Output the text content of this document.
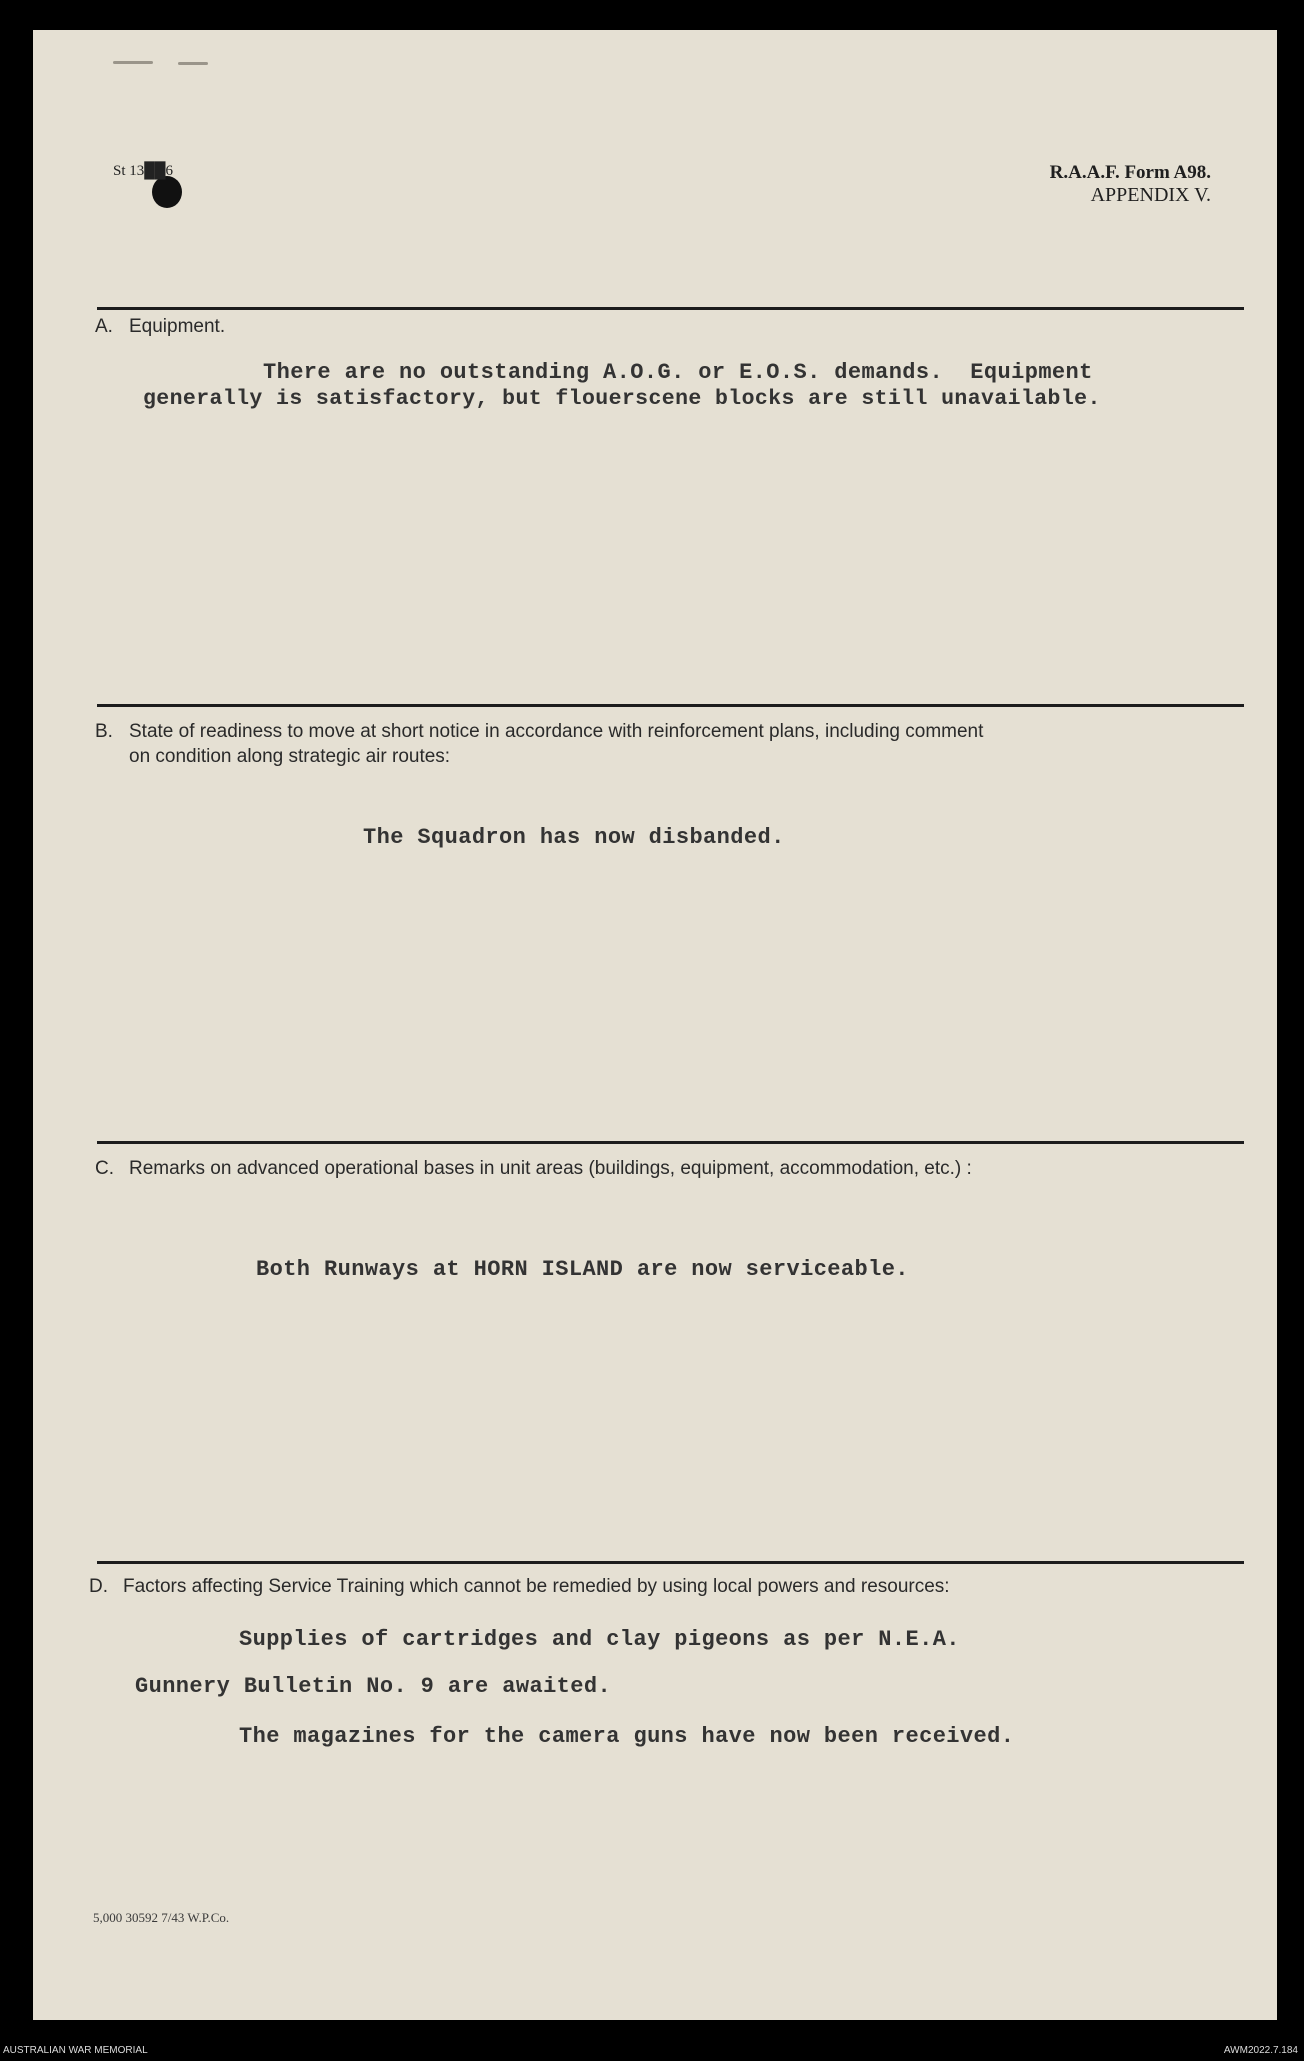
St 13██6	R.A.A.F. Form A98.
APPENDIX V.
A. Equipment.
There are no outstanding A.O.G. or E.O.S. demands.  Equipment
generally is satisfactory, but flouerscene blocks are still unavailable.
B. State of readiness to move at short notice in accordance with reinforcement plans, including comment
on condition along strategic air routes:
The Squadron has now disbanded.
C. Remarks on advanced operational bases in unit areas (buildings, equipment, accommodation, etc.) :
Both Runways at HORN ISLAND are now serviceable.
D. Factors affecting Service Training which cannot be remedied by using local powers and resources:
Supplies of cartridges and clay pigeons as per N.E.A.
Gunnery Bulletin No. 9 are awaited.
The magazines for the camera guns have now been received.
5,000 30592 7/43 W.P.Co.
AUSTRALIAN WAR MEMORIAL	AWM2022.7.184
